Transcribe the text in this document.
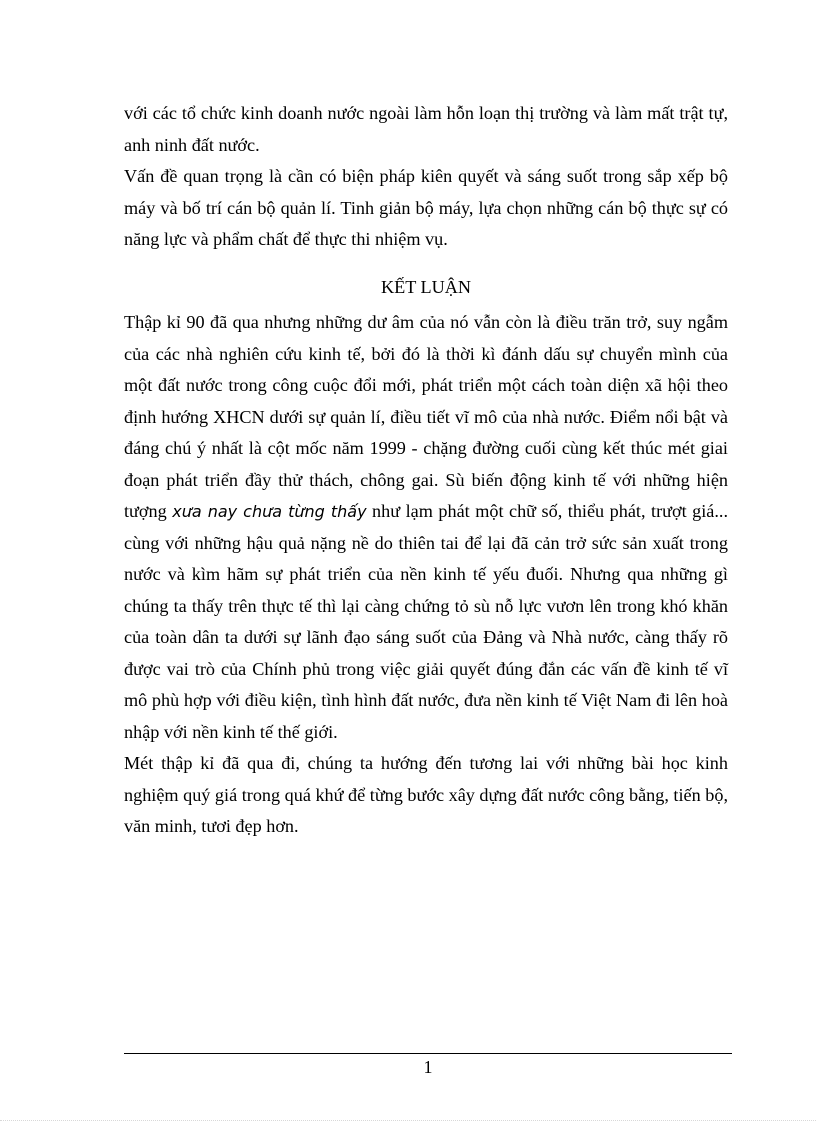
với các tổ chức kinh doanh nước ngoài làm hỗn loạn thị trường và làm mất trật tự, anh ninh đất nước.

Vấn đề quan trọng là cần có biện pháp kiên quyết và sáng suốt trong sắp xếp bộ máy và bố trí cán bộ quản lí. Tinh giản bộ máy, lựa chọn những cán bộ thực sự có năng lực và phẩm chất để thực thi nhiệm vụ.

KẾT LUẬN

Thập kỉ 90 đã qua nhưng những dư âm của nó vẫn còn là điều trăn trở, suy ngẫm của các nhà nghiên cứu kinh tế, bởi đó là thời kì đánh dấu sự chuyển mình của một đất nước trong công cuộc đổi mới, phát triển một cách toàn diện xã hội theo định hướng XHCN dưới sự quản lí, điều tiết vĩ mô của nhà nước. Điểm nổi bật và đáng chú ý nhất là cột mốc năm 1999 - chặng đường cuối cùng kết thúc mét giai đoạn phát triển đầy thử thách, chông gai. Sù biến động kinh tế với những hiện tượng xưa nay chưa từng thấy như lạm phát một chữ số, thiểu phát, trượt giá... cùng với những hậu quả nặng nề do thiên tai để lại đã cản trở sức sản xuất trong nước và kìm hãm sự phát triển của nền kinh tế yếu đuối. Nhưng qua những gì chúng ta thấy trên thực tế thì lại càng chứng tỏ sù nỗ lực vươn lên trong khó khăn của toàn dân ta dưới sự lãnh đạo sáng suốt của Đảng và Nhà nước, càng thấy rõ được vai trò của Chính phủ trong việc giải quyết đúng đắn các vấn đề kinh tế vĩ mô phù hợp với điều kiện, tình hình đất nước, đưa nền kinh tế Việt Nam đi lên hoà nhập với nền kinh tế thế giới.

Mét thập kỉ đã qua đi, chúng ta hướng đến tương lai với những bài học kinh nghiệm quý giá trong quá khứ để từng bước xây dựng đất nước công bằng, tiến bộ, văn minh, tươi đẹp hơn.

1
